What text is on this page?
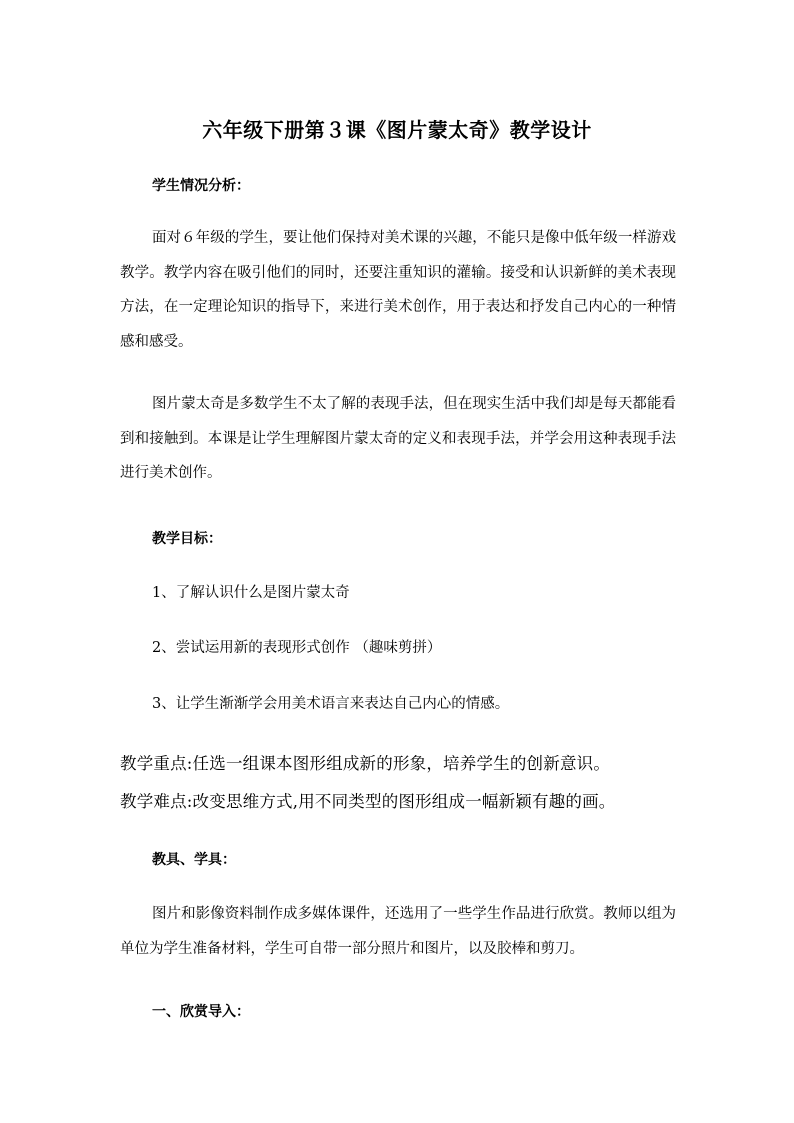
六年级下册第３课《图片蒙太奇》教学设计
学生情况分析：

面对６年级的学生，要让他们保持对美术课的兴趣，不能只是像中低年级一样游戏教学。教学内容在吸引他们的同时，还要注重知识的灌输。接受和认识新鲜的美术表现方法，在一定理论知识的指导下，来进行美术创作，用于表达和抒发自己内心的一种情感和感受。

图片蒙太奇是多数学生不太了解的表现手法，但在现实生活中我们却是每天都能看到和接触到。本课是让学生理解图片蒙太奇的定义和表现手法，并学会用这种表现手法进行美术创作。

教学目标：
1、了解认识什么是图片蒙太奇
2、尝试运用新的表现形式创作 （趣味剪拼）
3、让学生渐渐学会用美术语言来表达自己内心的情感。
教学重点:任选一组课本图形组成新的形象，培养学生的创新意识。
教学难点:改变思维方式,用不同类型的图形组成一幅新颖有趣的画。
教具、学具：

图片和影像资料制作成多媒体课件，还选用了一些学生作品进行欣赏。教师以组为单位为学生准备材料，学生可自带一部分照片和图片，以及胶棒和剪刀。

一、欣赏导入：
